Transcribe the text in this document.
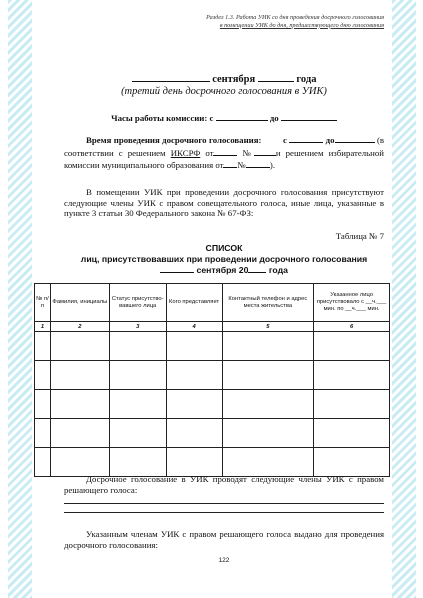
Раздел 1.3. Работа УИК со дня проведения досрочного голосования
в помещении УИК до дня, предшествующего дню голосования
сентября	года
(третий день досрочного голосования в УИК)
Часы работы комиссии: с	до

Время проведения досрочного голосования: с	до	(в соответствии с решением ИКСРФ от	№	и решением избирательной комиссии муниципального образования от №	).

В помещении УИК при проведении досрочного голосования присутствуют следующие члены УИК с правом совещательного голоса, иные лица, указанные в пункте 3 статьи 30 Федерального закона № 67-ФЗ:

Таблица № 7
СПИСОК
лиц, присутствовавших при проведении досрочного голосования
сентября 20 года
№ п/ п	Фамилия, инициалы	Статус присутство- вавшего лица	Кого представляет	Контактный телефон и адрес места жительства	Указанное лицо присутствовало с __ч.___ мин. по __ч.___ мин.
1	2	3	4	5	6

Досрочное голосование в УИК проводят следующие члены УИК с правом решающего голоса:

Указанным членам УИК с правом решающего голоса выдано для проведения досрочного голосования:

122
